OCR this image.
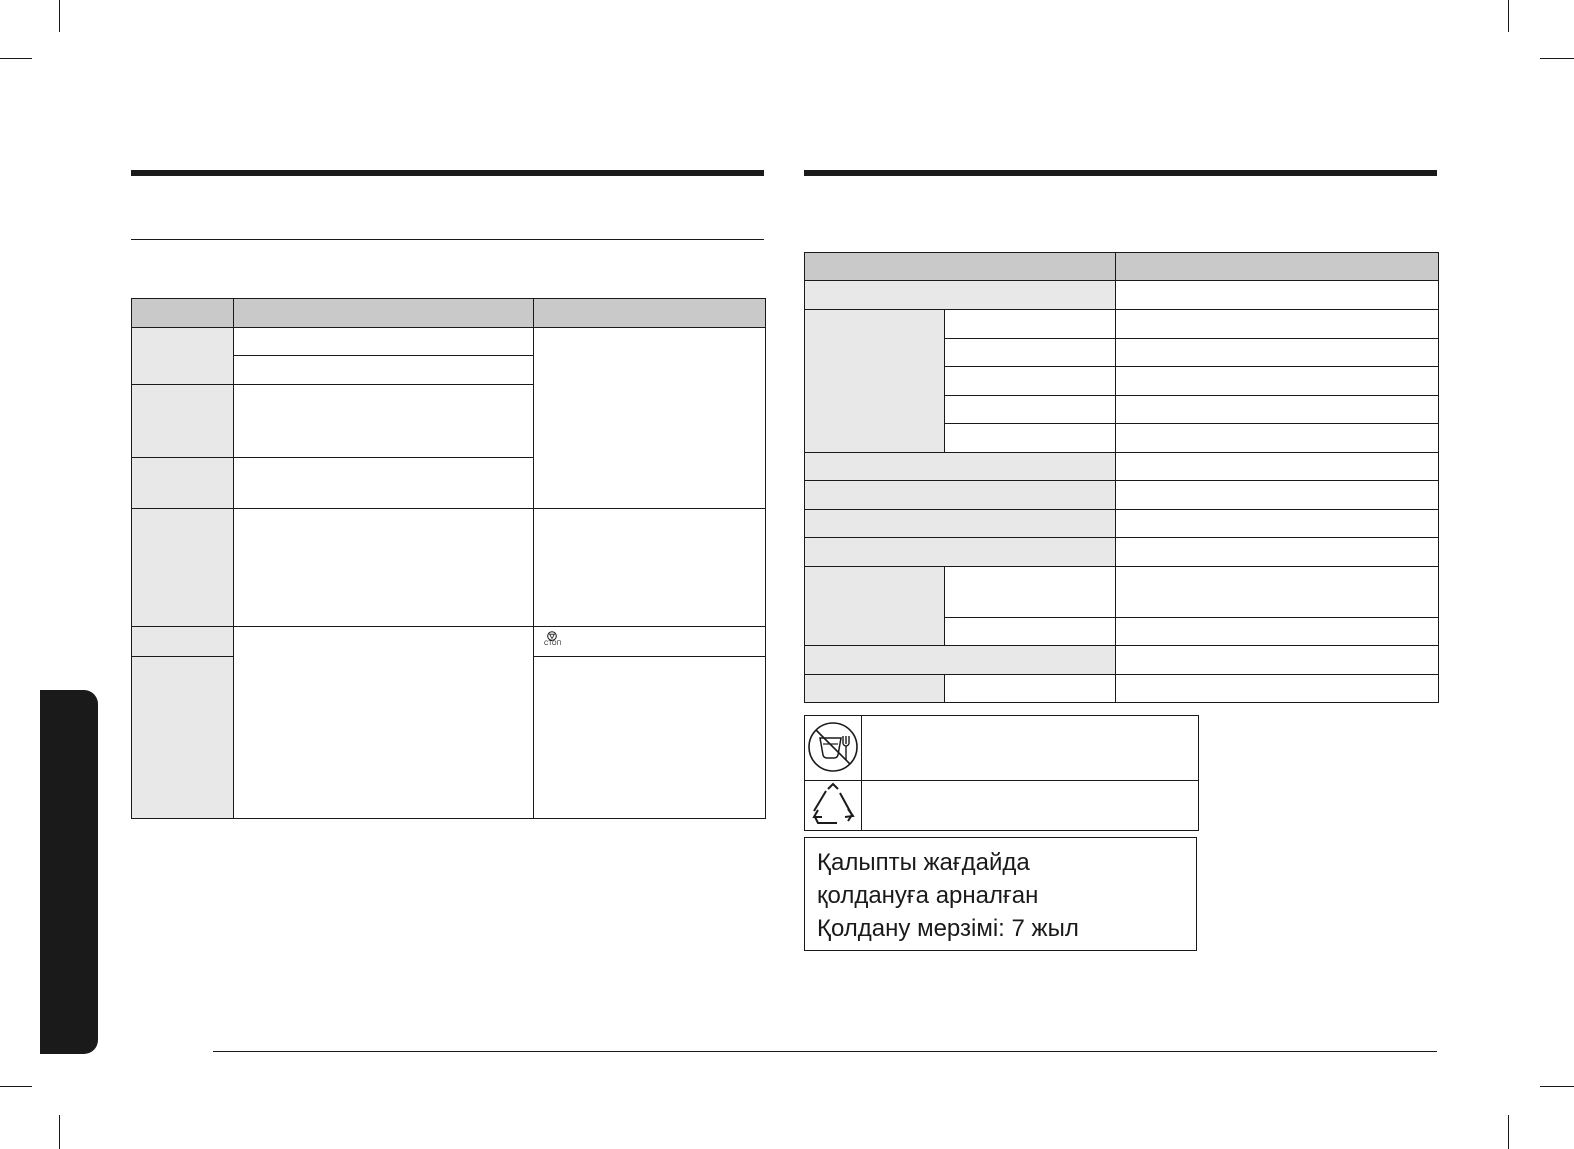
		СТОП

Қалыпты жағдайда
қолдануға арналған
Қолдану мерзімі: 7 жыл
